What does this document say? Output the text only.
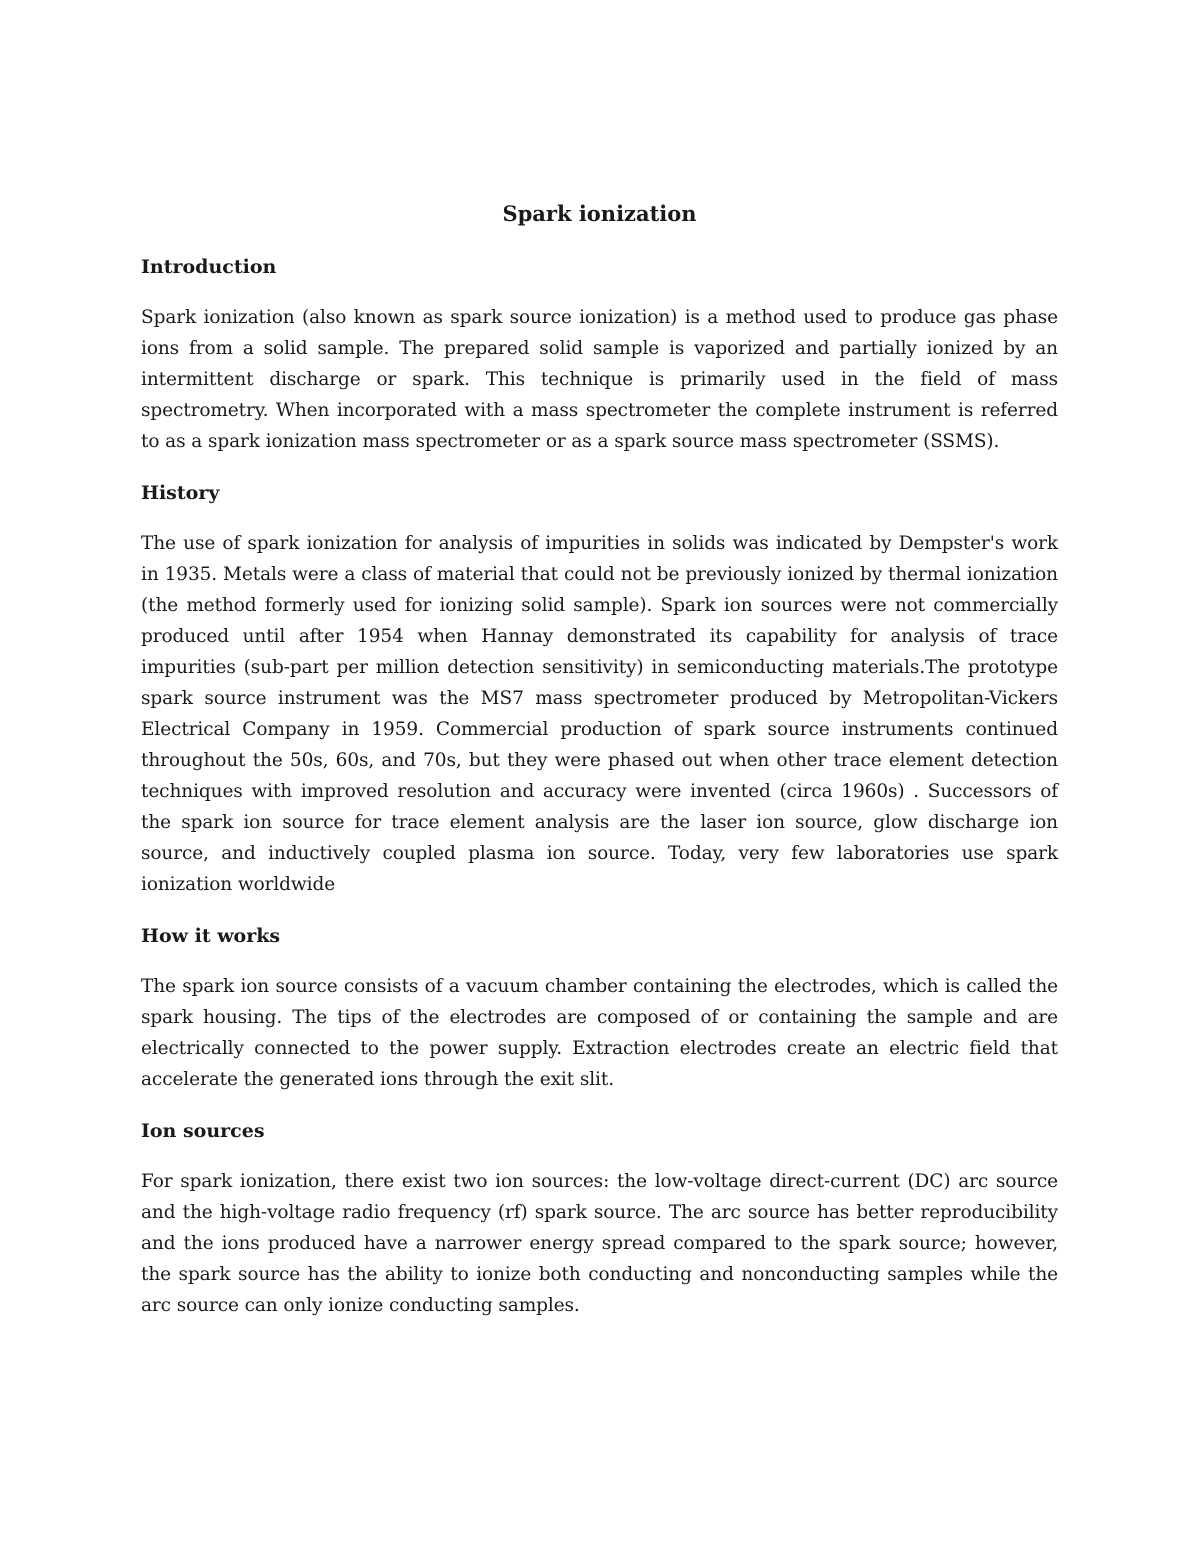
Spark ionization
Introduction

Spark ionization (also known as spark source ionization) is a method used to produce gas phase ions from a solid sample. The prepared solid sample is vaporized and partially ionized by an intermittent discharge or spark. This technique is primarily used in the field of mass spectrometry. When incorporated with a mass spectrometer the complete instrument is referred to as a spark ionization mass spectrometer or as a spark source mass spectrometer (SSMS).

History

The use of spark ionization for analysis of impurities in solids was indicated by Dempster's work in 1935. Metals were a class of material that could not be previously ionized by thermal ionization (the method formerly used for ionizing solid sample). Spark ion sources were not commercially produced until after 1954 when Hannay demonstrated its capability for analysis of trace impurities (sub-part per million detection sensitivity) in semiconducting materials.The prototype spark source instrument was the MS7 mass spectrometer produced by Metropolitan-Vickers Electrical Company in 1959. Commercial production of spark source instruments continued throughout the 50s, 60s, and 70s, but they were phased out when other trace element detection techniques with improved resolution and accuracy were invented (circa 1960s) . Successors of the spark ion source for trace element analysis are the laser ion source, glow discharge ion source, and inductively coupled plasma ion source. Today, very few laboratories use spark ionization worldwide

How it works

The spark ion source consists of a vacuum chamber containing the electrodes, which is called the spark housing. The tips of the electrodes are composed of or containing the sample and are electrically connected to the power supply. Extraction electrodes create an electric field that accelerate the generated ions through the exit slit.

Ion sources

For spark ionization, there exist two ion sources: the low-voltage direct-current (DC) arc source and the high-voltage radio frequency (rf) spark source. The arc source has better reproducibility and the ions produced have a narrower energy spread compared to the spark source; however, the spark source has the ability to ionize both conducting and nonconducting samples while the arc source can only ionize conducting samples.
